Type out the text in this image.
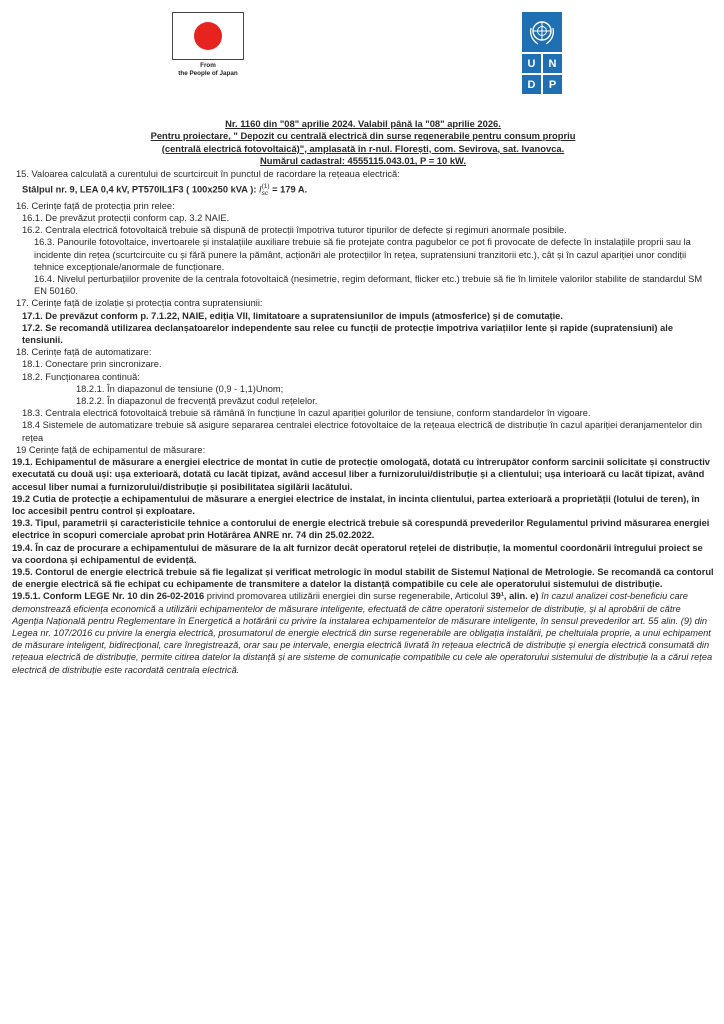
From
the People of Japan
U	N
D	P
Nr. 1160 din "08" aprilie 2024. Valabil până la "08" aprilie 2026.
Pentru proiectare, " Depozit cu centrală electrică din surse regenerabile pentru consum propriu
(centrală electrică fotovoltaică)", amplasată în r-nul. Florești, com. Sevirova, sat. Ivanovca.
Numărul cadastral: 4555115.043.01, P = 10 kW.

15. Valoarea calculată a curentului de scurtcircuit în punctul de racordare la rețeaua electrică:

Stâlpul nr. 9, LEA 0,4 kV, PT570IL1F3 ( 100x250 kVA ): I (1)
sc = 179 A.

16. Cerințe față de protecția prin relee:

16.1. De prevăzut protecții conform cap. 3.2 NAIE.

16.2. Centrala electrică fotovoltaică trebuie să dispună de protecții împotriva tuturor tipurilor de defecte și regimuri anormale posibile.

16.3. Panourile fotovoltaice, invertoarele și instalațiile auxiliare trebuie să fie protejate contra pagubelor ce pot fi provocate de defecte în instalațiile proprii sau la incidente din rețea (scurtcircuite cu și fără punere la pământ, acționări ale protecțiilor în rețea, supratensiuni tranzitorii etc.), cât și în cazul apariției unor condiții tehnice excepționale/anormale de funcționare.

16.4. Nivelul perturbațiilor provenite de la centrala fotovoltaică (nesimetrie, regim deformant, flicker etc.) trebuie să fie în limitele valorilor stabilite de standardul SM EN 50160.

17. Cerințe față de izolație și protecția contra supratensiunii:

17.1. De prevăzut conform p. 7.1.22, NAIE, ediția VII, limitatoare a supratensiunilor de impuls (atmosferice) și de comutație.

17.2. Se recomandă utilizarea declanșatoarelor independente sau relee cu funcții de protecție împotriva variațiilor lente și rapide (supratensiuni) ale tensiunii.

18. Cerințe față de automatizare:

18.1. Conectare prin sincronizare.

18.2. Funcționarea continuă:

18.2.1. În diapazonul de tensiune (0,9 - 1,1)Unom;

18.2.2. În diapazonul de frecvență prevăzut codul rețelelor.

18.3. Centrala electrică fotovoltaică trebuie să rămână în funcțiune în cazul apariției golurilor de tensiune, conform standardelor în vigoare.

18.4 Sistemele de automatizare trebuie să asigure separarea centralei electrice fotovoltaice de la rețeaua electrică de distribuție în cazul apariției deranjamentelor din rețea

19 Cerințe față de echipamentul de măsurare:

19.1. Echipamentul de măsurare a energiei electrice de montat în cutie de protecție omologată, dotată cu întrerupător conform sarcinii solicitate și constructiv executată cu două uși: ușa exterioară, dotată cu lacăt tipizat, având accesul liber a furnizorului/distribuție și a clientului; ușa interioară cu lacăt tipizat, având accesul liber numai a furnizorului/distribuție și posibilitatea sigilării lacătului.

19.2 Cutia de protecție a echipamentului de măsurare a energiei electrice de instalat, în incinta clientului, partea exterioară a proprietății (lotului de teren), în loc accesibil pentru control și exploatare.

19.3. Tipul, parametrii și caracteristicile tehnice a contorului de energie electrică trebuie să corespundă prevederilor Regulamentul privind măsurarea energiei electrice în scopuri comerciale aprobat prin Hotărârea ANRE nr. 74 din 25.02.2022.

19.4. În caz de procurare a echipamentului de măsurare de la alt furnizor decât operatorul rețelei de distribuție, la momentul coordonării întregului proiect se va coordona și echipamentul de evidență.

19.5. Contorul de energie electrică trebuie să fie legalizat și verificat metrologic în modul stabilit de Sistemul Național de Metrologie. Se recomandă ca contorul de energie electrică să fie echipat cu echipamente de transmitere a datelor la distanță compatibile cu cele ale operatorului sistemului de distribuție.

19.5.1. Conform LEGE Nr. 10 din 26-02-2016 privind promovarea utilizării energiei din surse regenerabile, Articolul 39¹, alin. e) în cazul analizei cost-beneficiu care demonstrează eficiența economică a utilizării echipamentelor de măsurare inteligente, efectuată de către operatorii sistemelor de distribuție, și al aprobării de către Agenția Națională pentru Reglementare în Energetică a hotărârii cu privire la instalarea echipamentelor de măsurare inteligente, în sensul prevederilor art. 55 alin. (9) din Legea nr. 107/2016 cu privire la energia electrică, prosumatorul de energie electrică din surse regenerabile are obligația instalării, pe cheltuiala proprie, a unui echipament de măsurare inteligent, bidirecțional, care înregistrează, orar sau pe intervale, energia electrică livrată în rețeaua electrică de distribuție și energia electrică consumată din rețeaua electrică de distribuție, permite citirea datelor la distanță și are sisteme de comunicație compatibile cu cele ale operatorului sistemului de distribuție la a cărui rețea electrică de distribuție este racordată centrala electrică.
